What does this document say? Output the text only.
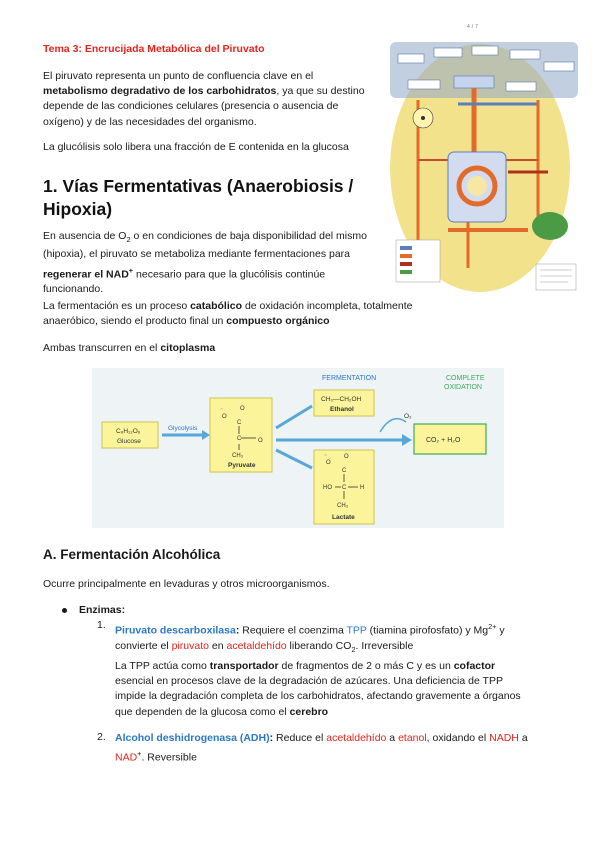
4 / 7
Tema 3: Encrucijada Metabólica del Piruvato

El piruvato representa un punto de confluencia clave en el metabolismo degradativo de los carbohidratos, ya que su destino depende de las condiciones celulares (presencia o ausencia de oxígeno) y de las necesidades del organismo.

La glucólisis solo libera una fracción de E contenida en la glucosa

1. Vías Fermentativas (Anaerobiosis / Hipoxia)

En ausencia de $O_2$ o en condiciones de baja disponibilidad del mismo (hipoxia), el piruvato se metaboliza mediante fermentaciones para regenerar el NAD+ necesario para que la glucólisis continúe funcionando.

La fermentación es un proceso catabólico de oxidación incompleta, totalmente anaeróbico, siendo el producto final un compuesto orgánico

Ambas transcurren en el citoplasma

FERMENTATION	COMPLETE
OXIDATION
C₆H₁₂O₆
Glucose
Glycolysis
⁻
O
O
C
C	O
CH₃
Pyruvate
CH₃—CH₂OH
Ethanol
O₂
CO₂ + H₂O
⁻
O
O
C
HO C H
CH₃
Lactate
A. Fermentación Alcohólica

Ocurre principalmente en levaduras y otros microorganismos.

Enzimas:
1. Piruvato descarboxilasa: Requiere el coenzima TPP (tiamina pirofosfato) y $Mg^{2+}$ y convierte el piruvato en acetaldehído liberando $CO_2$. Irreversible

La TPP actúa como transportador de fragmentos de 2 o más C y es un cofactor esencial en procesos clave de la degradación de azúcares. Una deficiencia de TPP impide la degradación completa de los carbohidratos, afectando gravemente a órganos que dependen de la glucosa como el cerebro

2. Alcohol deshidrogenasa (ADH): Reduce el acetaldehído a etanol, oxidando el NADH a NAD+. Reversible
